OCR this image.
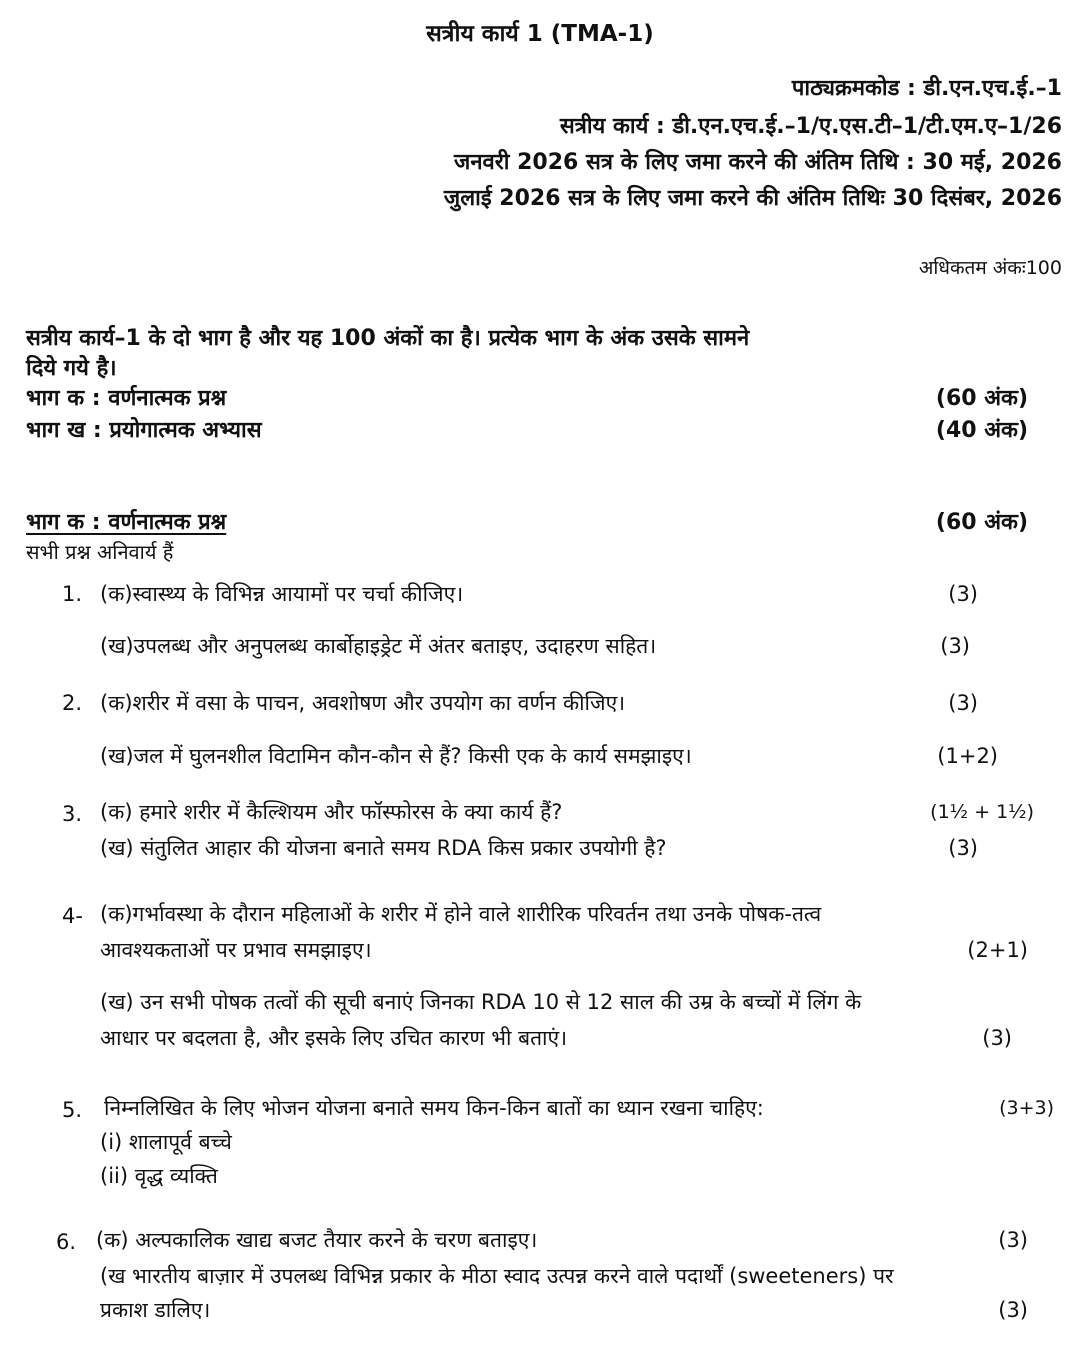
सत्रीय कार्य 1 (TMA-1)
पाठ्यक्रमकोड : डी.एन.एच.ई.–1
सत्रीय कार्य : डी.एन.एच.ई.–1/ए.एस.टी–1/टी.एम.ए–1/26
जनवरी 2026 सत्र के लिए जमा करने की अंतिम तिथि : 30 मई, 2026
जुलाई 2026 सत्र के लिए जमा करने की अंतिम तिथिः 30 दिसंबर, 2026
अधिकतम अंकः100
सत्रीय कार्य–1 के दो भाग है और यह 100 अंकों का है। प्रत्येक भाग के अंक उसके सामने
दिये गये है।
भाग क : वर्णनात्मक प्रश्न	(60 अंक)
भाग ख : प्रयोगात्मक अभ्यास	(40 अंक)
भाग क : वर्णनात्मक प्रश्न	(60 अंक)
सभी प्रश्न अनिवार्य हैं
1. (क)स्वास्थ्य के विभिन्न आयामों पर चर्चा कीजिए।	(3)
(ख)उपलब्ध और अनुपलब्ध कार्बोहाइड्रेट में अंतर बताइए, उदाहरण सहित।	(3)
2. (क)शरीर में वसा के पाचन, अवशोषण और उपयोग का वर्णन कीजिए।	(3)
(ख)जल में घुलनशील विटामिन कौन-कौन से हैं? किसी एक के कार्य समझाइए।	(1+2)
3. (क) हमारे शरीर में कैल्शियम और फॉस्फोरस के क्या कार्य हैं?	(1½ + 1½)
(ख) संतुलित आहार की योजना बनाते समय RDA किस प्रकार उपयोगी है?	(3)
4- (क)गर्भावस्था के दौरान महिलाओं के शरीर में होने वाले शारीरिक परिवर्तन तथा उनके पोषक-तत्व
आवश्यकताओं पर प्रभाव समझाइए।	(2+1)
(ख) उन सभी पोषक तत्वों की सूची बनाएं जिनका RDA 10 से 12 साल की उम्र के बच्चों में लिंग के
आधार पर बदलता है, और इसके लिए उचित कारण भी बताएं।	(3)
5. निम्नलिखित के लिए भोजन योजना बनाते समय किन-किन बातों का ध्यान रखना चाहिए:	(3+3)
(i) शालापूर्व बच्चे
(ii) वृद्ध व्यक्ति
6. (क) अल्पकालिक खाद्य बजट तैयार करने के चरण बताइए।	(3)
(ख भारतीय बाज़ार में उपलब्ध विभिन्न प्रकार के मीठा स्वाद उत्पन्न करने वाले पदार्थों (sweeteners) पर
प्रकाश डालिए।	(3)
